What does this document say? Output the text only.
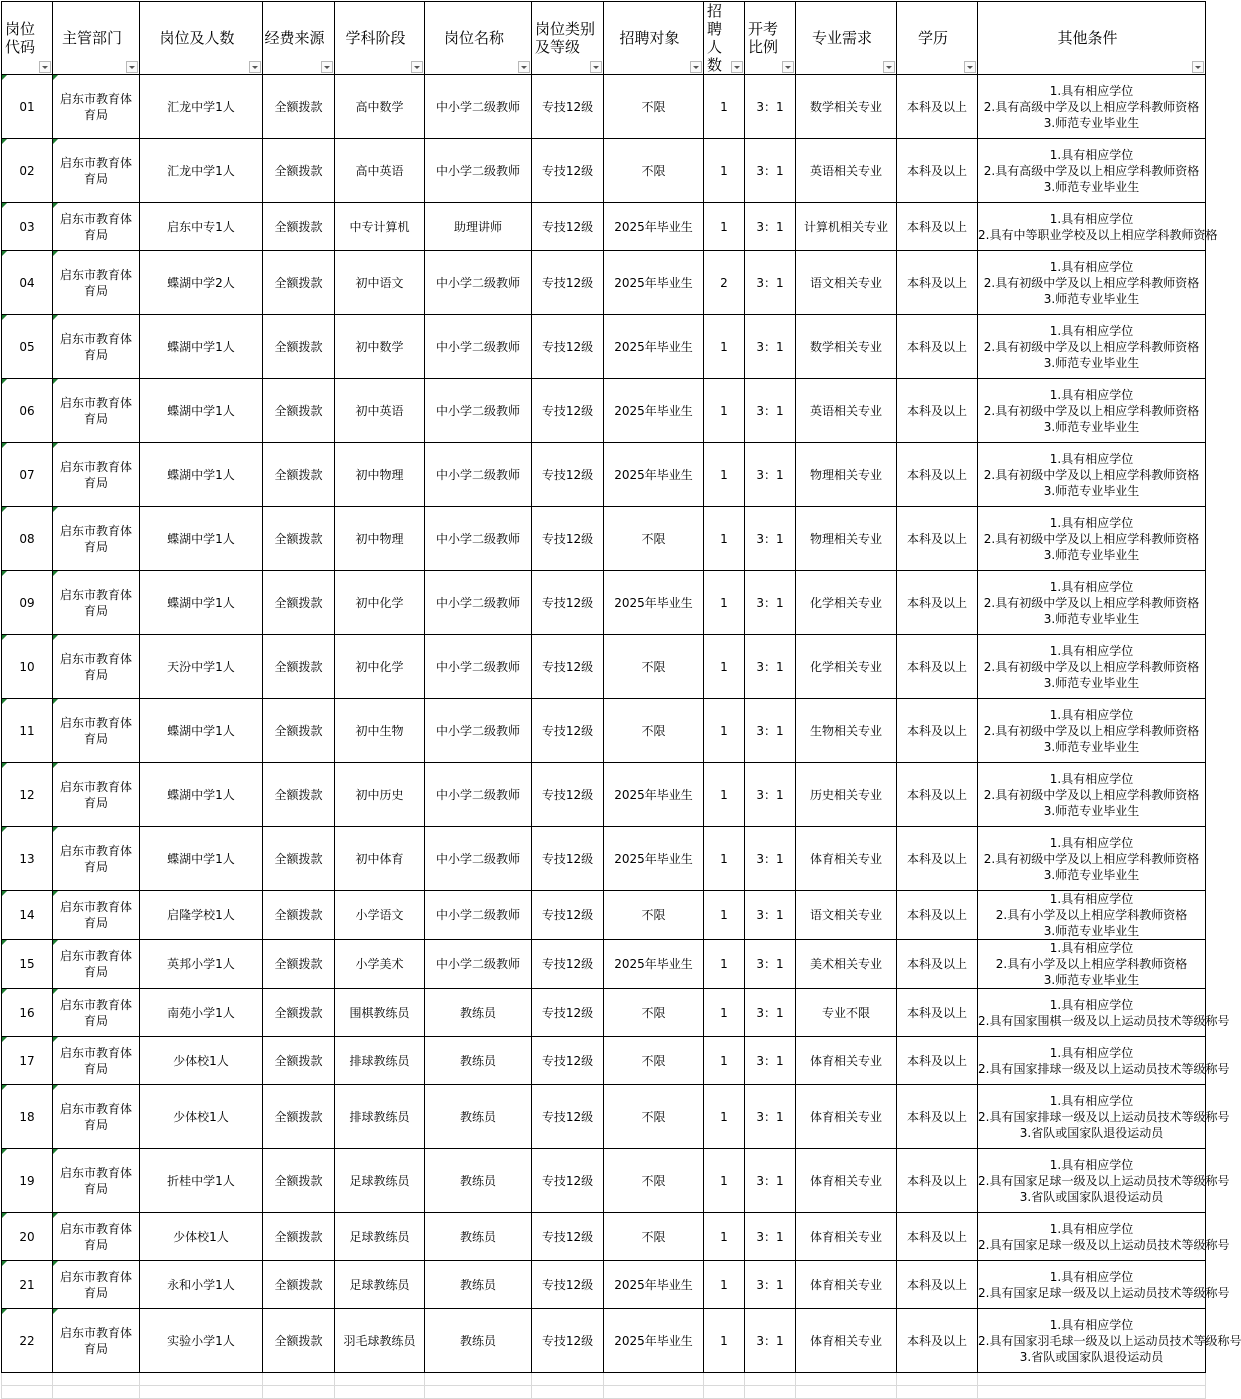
岗位代码	主管部门	岗位及人数	经费来源	学科阶段	岗位名称	岗位类别及等级	招聘对象	招聘人数	开考比例	专业需求	学历	其他条件

01	启东市教育体育局	汇龙中学1人	全额拨款	高中数学	中小学二级教师	专技12级	不限	1	3：1	数学相关专业	本科及以上	1.具有相应学位
2.具有高级中学及以上相应学科教师资格
3.师范专业毕业生

02	启东市教育体育局	汇龙中学1人	全额拨款	高中英语	中小学二级教师	专技12级	不限	1	3：1	英语相关专业	本科及以上	1.具有相应学位
2.具有高级中学及以上相应学科教师资格
3.师范专业毕业生

03	启东市教育体育局	启东中专1人	全额拨款	中专计算机	助理讲师	专技12级	2025年毕业生	1	3：1	计算机相关专业	本科及以上	1.具有相应学位
2.具有中等职业学校及以上相应学科教师资格

04	启东市教育体育局	蝶湖中学2人	全额拨款	初中语文	中小学二级教师	专技12级	2025年毕业生	2	3：1	语文相关专业	本科及以上	1.具有相应学位
2.具有初级中学及以上相应学科教师资格
3.师范专业毕业生

05	启东市教育体育局	蝶湖中学1人	全额拨款	初中数学	中小学二级教师	专技12级	2025年毕业生	1	3：1	数学相关专业	本科及以上	1.具有相应学位
2.具有初级中学及以上相应学科教师资格
3.师范专业毕业生

06	启东市教育体育局	蝶湖中学1人	全额拨款	初中英语	中小学二级教师	专技12级	2025年毕业生	1	3：1	英语相关专业	本科及以上	1.具有相应学位
2.具有初级中学及以上相应学科教师资格
3.师范专业毕业生

07	启东市教育体育局	蝶湖中学1人	全额拨款	初中物理	中小学二级教师	专技12级	2025年毕业生	1	3：1	物理相关专业	本科及以上	1.具有相应学位
2.具有初级中学及以上相应学科教师资格
3.师范专业毕业生

08	启东市教育体育局	蝶湖中学1人	全额拨款	初中物理	中小学二级教师	专技12级	不限	1	3：1	物理相关专业	本科及以上	1.具有相应学位
2.具有初级中学及以上相应学科教师资格
3.师范专业毕业生

09	启东市教育体育局	蝶湖中学1人	全额拨款	初中化学	中小学二级教师	专技12级	2025年毕业生	1	3：1	化学相关专业	本科及以上	1.具有相应学位
2.具有初级中学及以上相应学科教师资格
3.师范专业毕业生

10	启东市教育体育局	天汾中学1人	全额拨款	初中化学	中小学二级教师	专技12级	不限	1	3：1	化学相关专业	本科及以上	1.具有相应学位
2.具有初级中学及以上相应学科教师资格
3.师范专业毕业生

11	启东市教育体育局	蝶湖中学1人	全额拨款	初中生物	中小学二级教师	专技12级	不限	1	3：1	生物相关专业	本科及以上	1.具有相应学位
2.具有初级中学及以上相应学科教师资格
3.师范专业毕业生

12	启东市教育体育局	蝶湖中学1人	全额拨款	初中历史	中小学二级教师	专技12级	2025年毕业生	1	3：1	历史相关专业	本科及以上	1.具有相应学位
2.具有初级中学及以上相应学科教师资格
3.师范专业毕业生

13	启东市教育体育局	蝶湖中学1人	全额拨款	初中体育	中小学二级教师	专技12级	2025年毕业生	1	3：1	体育相关专业	本科及以上	1.具有相应学位
2.具有初级中学及以上相应学科教师资格
3.师范专业毕业生

14	启东市教育体育局	启隆学校1人	全额拨款	小学语文	中小学二级教师	专技12级	不限	1	3：1	语文相关专业	本科及以上	1.具有相应学位
2.具有小学及以上相应学科教师资格
3.师范专业毕业生

15	启东市教育体育局	英邦小学1人	全额拨款	小学美术	中小学二级教师	专技12级	2025年毕业生	1	3：1	美术相关专业	本科及以上	1.具有相应学位
2.具有小学及以上相应学科教师资格
3.师范专业毕业生

16	启东市教育体育局	南苑小学1人	全额拨款	围棋教练员	教练员	专技12级	不限	1	3：1	专业不限	本科及以上	1.具有相应学位
2.具有国家围棋一级及以上运动员技术等级称号

17	启东市教育体育局	少体校1人	全额拨款	排球教练员	教练员	专技12级	不限	1	3：1	体育相关专业	本科及以上	1.具有相应学位
2.具有国家排球一级及以上运动员技术等级称号

18	启东市教育体育局	少体校1人	全额拨款	排球教练员	教练员	专技12级	不限	1	3：1	体育相关专业	本科及以上	1.具有相应学位
2.具有国家排球一级及以上运动员技术等级称号
3.省队或国家队退役运动员

19	启东市教育体育局	折桂中学1人	全额拨款	足球教练员	教练员	专技12级	不限	1	3：1	体育相关专业	本科及以上	1.具有相应学位
2.具有国家足球一级及以上运动员技术等级称号
3.省队或国家队退役运动员

20	启东市教育体育局	少体校1人	全额拨款	足球教练员	教练员	专技12级	不限	1	3：1	体育相关专业	本科及以上	1.具有相应学位
2.具有国家足球一级及以上运动员技术等级称号

21	启东市教育体育局	永和小学1人	全额拨款	足球教练员	教练员	专技12级	2025年毕业生	1	3：1	体育相关专业	本科及以上	1.具有相应学位
2.具有国家足球一级及以上运动员技术等级称号

22	启东市教育体育局	实验小学1人	全额拨款	羽毛球教练员	教练员	专技12级	2025年毕业生	1	3：1	体育相关专业	本科及以上	1.具有相应学位
2.具有国家羽毛球一级及以上运动员技术等级称号
3.省队或国家队退役运动员
